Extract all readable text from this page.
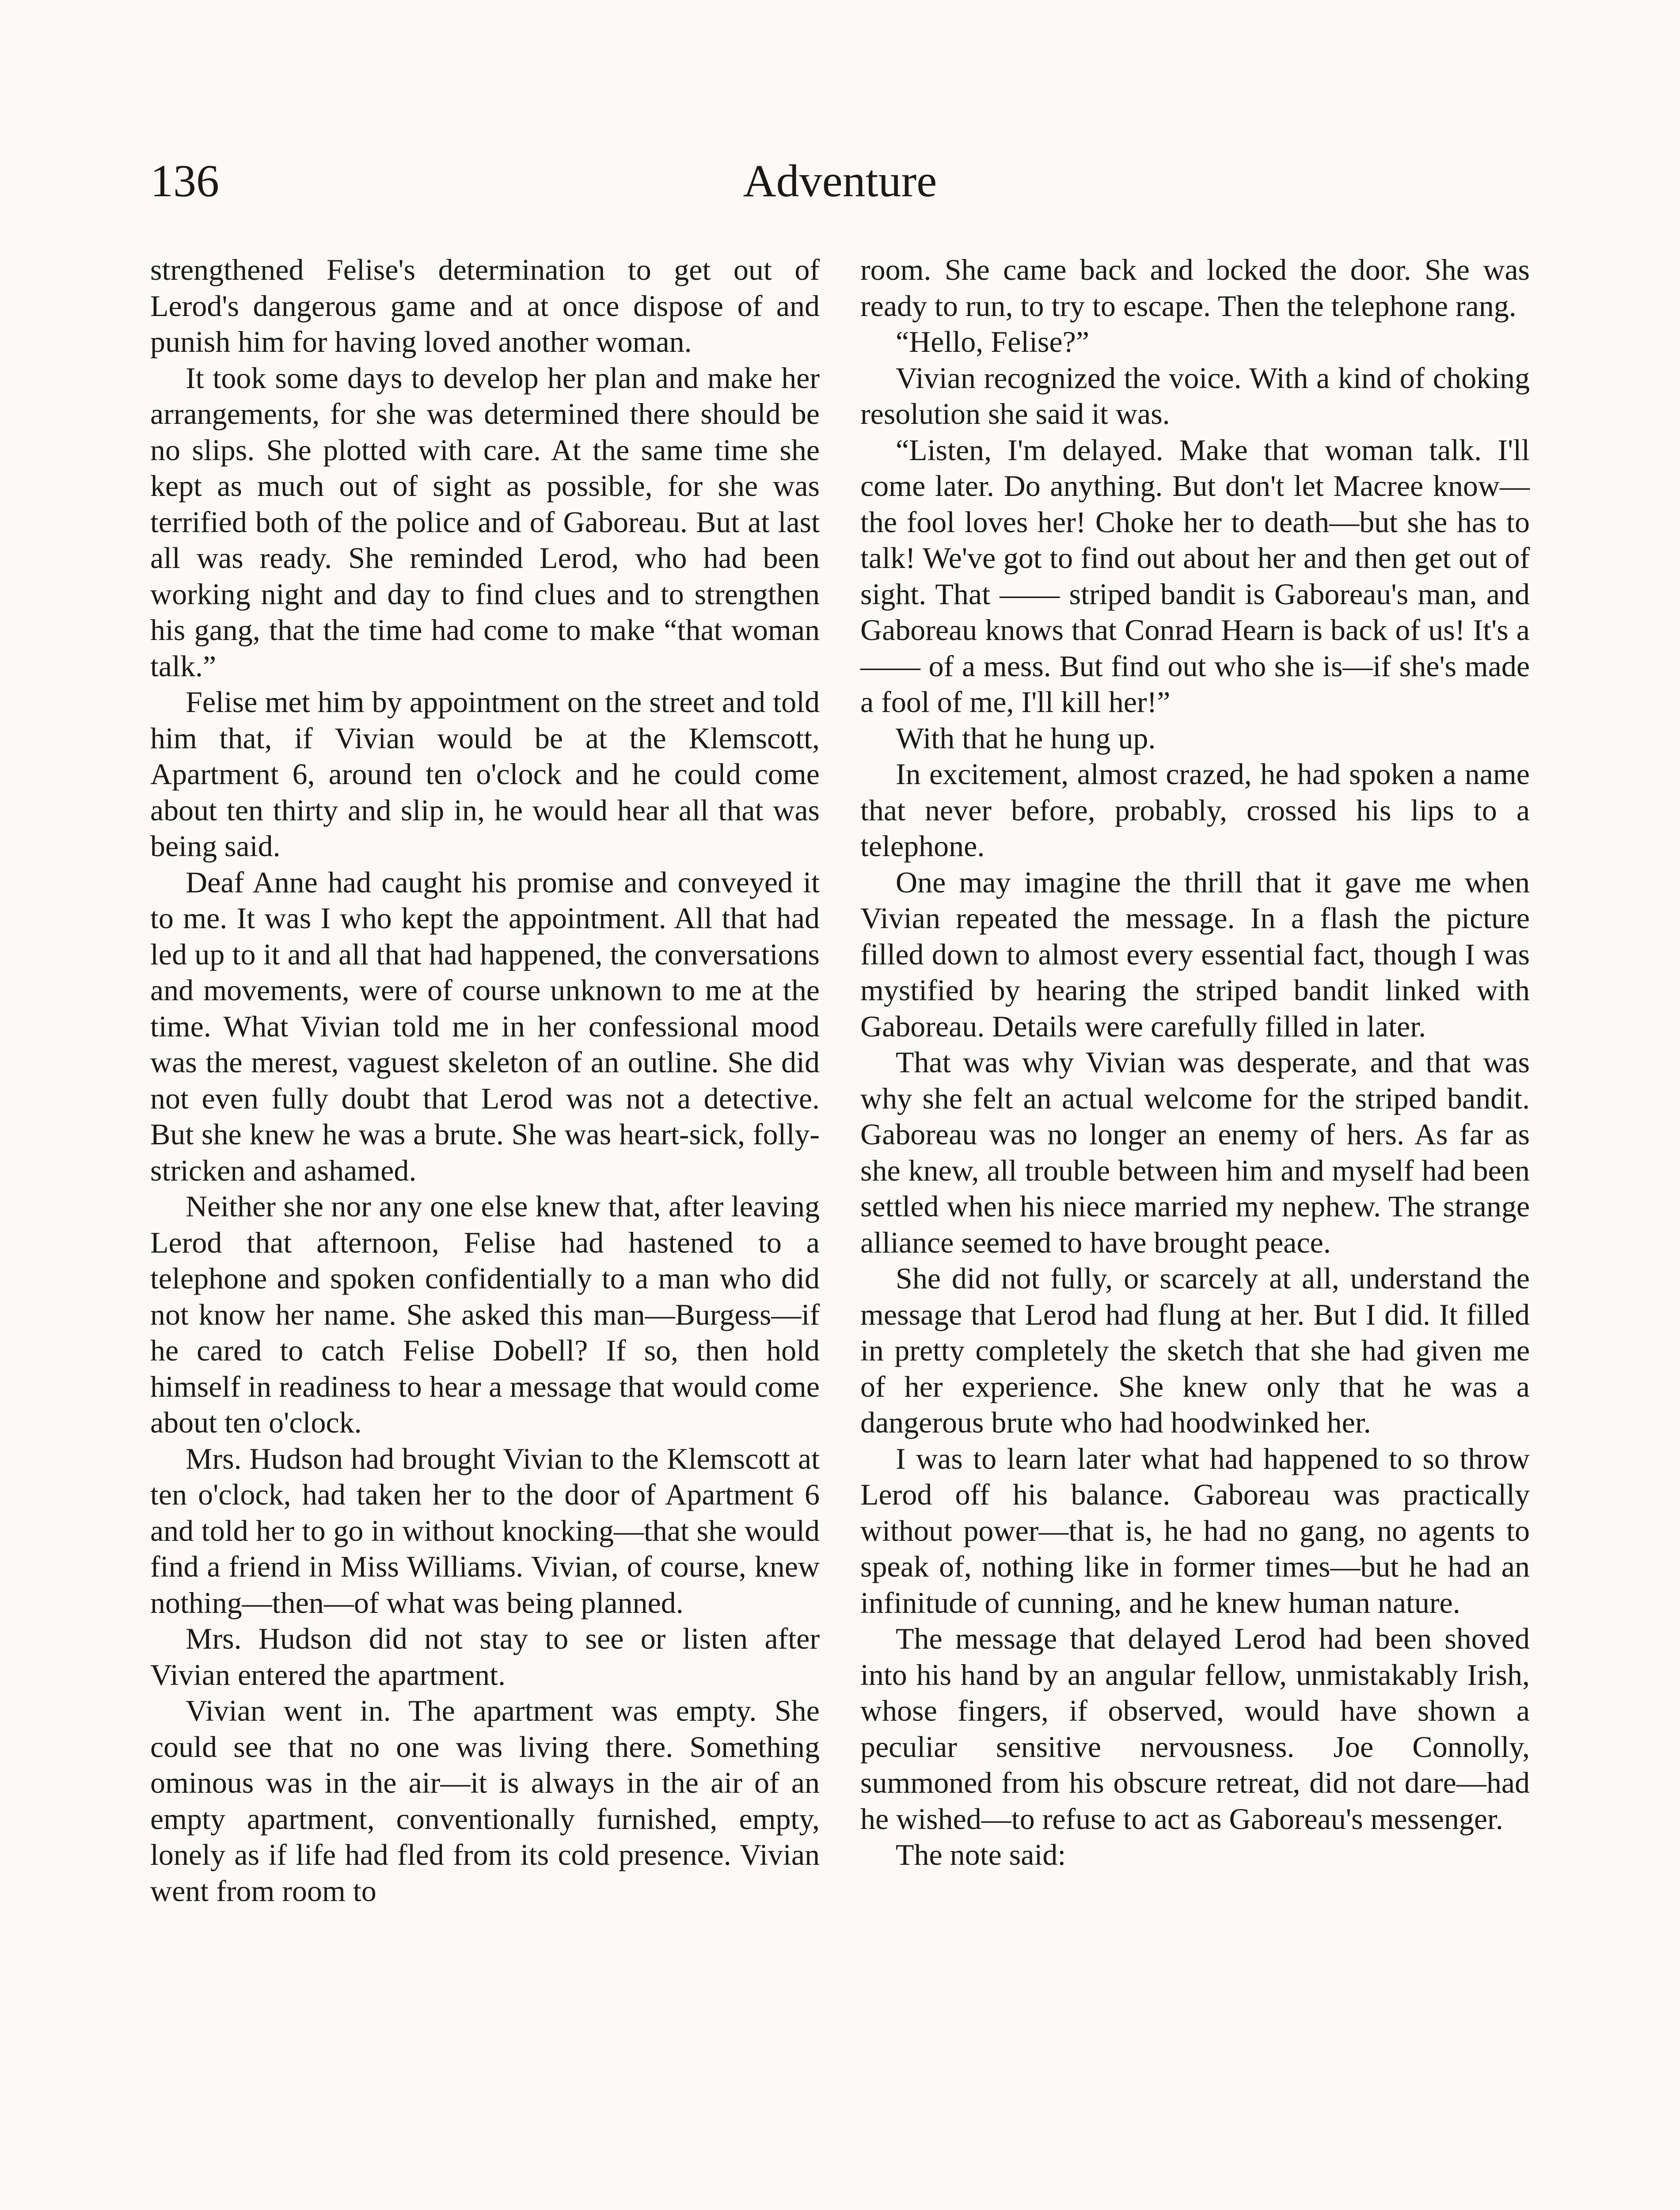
136	Adventure

strengthened Felise's determination to get out of Lerod's dangerous game and at once dispose of and punish him for having loved another woman.

It took some days to develop her plan and make her arrangements, for she was determined there should be no slips. She plotted with care. At the same time she kept as much out of sight as possible, for she was terrified both of the police and of Gaboreau. But at last all was ready. She reminded Lerod, who had been working night and day to find clues and to strengthen his gang, that the time had come to make “that woman talk.”

Felise met him by appointment on the street and told him that, if Vivian would be at the Klemscott, Apartment 6, around ten o'clock and he could come about ten thirty and slip in, he would hear all that was being said.

Deaf Anne had caught his promise and conveyed it to me. It was I who kept the appointment. All that had led up to it and all that had happened, the conversations and movements, were of course unknown to me at the time. What Vivian told me in her confessional mood was the merest, vaguest skeleton of an outline. She did not even fully doubt that Lerod was not a detective. But she knew he was a brute. She was heart-sick, folly-stricken and ashamed.

Neither she nor any one else knew that, after leaving Lerod that afternoon, Felise had hastened to a telephone and spoken confidentially to a man who did not know her name. She asked this man—Burgess—if he cared to catch Felise Dobell? If so, then hold himself in readiness to hear a message that would come about ten o'clock.

Mrs. Hudson had brought Vivian to the Klemscott at ten o'clock, had taken her to the door of Apartment 6 and told her to go in without knocking—that she would find a friend in Miss Williams. Vivian, of course, knew nothing—then—of what was being planned.

Mrs. Hudson did not stay to see or listen after Vivian entered the apartment.

Vivian went in. The apartment was empty. She could see that no one was living there. Something ominous was in the air—it is always in the air of an empty apartment, conventionally furnished, empty, lonely as if life had fled from its cold presence. Vivian went from room to

room. She came back and locked the door. She was ready to run, to try to escape. Then the telephone rang.

“Hello, Felise?”

Vivian recognized the voice. With a kind of choking resolution she said it was.

“Listen, I'm delayed. Make that woman talk. I'll come later. Do anything. But don't let Macree know—the fool loves her! Choke her to death—but she has to talk! We've got to find out about her and then get out of sight. That —— striped bandit is Gaboreau's man, and Gaboreau knows that Conrad Hearn is back of us! It's a —— of a mess. But find out who she is—if she's made a fool of me, I'll kill her!”

With that he hung up.

In excitement, almost crazed, he had spoken a name that never before, probably, crossed his lips to a telephone.

One may imagine the thrill that it gave me when Vivian repeated the message. In a flash the picture filled down to almost every essential fact, though I was mystified by hearing the striped bandit linked with Gaboreau. Details were carefully filled in later.

That was why Vivian was desperate, and that was why she felt an actual welcome for the striped bandit. Gaboreau was no longer an enemy of hers. As far as she knew, all trouble between him and myself had been settled when his niece married my nephew. The strange alliance seemed to have brought peace.

She did not fully, or scarcely at all, understand the message that Lerod had flung at her. But I did. It filled in pretty completely the sketch that she had given me of her experience. She knew only that he was a dangerous brute who had hoodwinked her.

I was to learn later what had happened to so throw Lerod off his balance. Gaboreau was practically without power—that is, he had no gang, no agents to speak of, nothing like in former times—but he had an infinitude of cunning, and he knew human nature.

The message that delayed Lerod had been shoved into his hand by an angular fellow, unmistakably Irish, whose fingers, if observed, would have shown a peculiar sensitive nervousness. Joe Connolly, summoned from his obscure retreat, did not dare—had he wished—to refuse to act as Gaboreau's messenger.

The note said:
